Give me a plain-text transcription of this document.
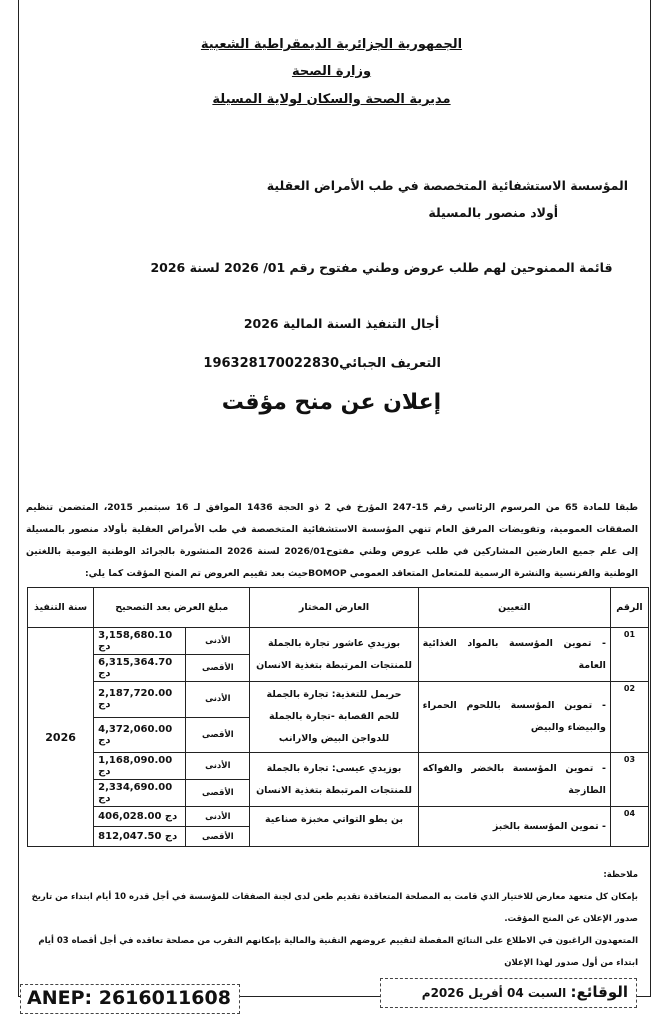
الجمهورية الجزائرية الديمقراطية الشعبية
وزارة الصحة
مديرية الصحة والسكان لولاية المسيلة
المؤسسة الاستشفائية المتخصصة في طب الأمراض العقلية
أولاد منصور بالمسيلة
قائمة الممنوحين لهم طلب عروض وطني مفتوح رقم 01/ 2026 لسنة 2026
أجال التنفيذ السنة المالية 2026
التعريف الجبائي196328170022830
إعلان عن منح مؤقت
طبقا للمادة 65 من المرسوم الرئاسي رقم 15-247 المؤرخ في 2 ذو الحجة 1436 الموافق لـ 16 سبتمبر 2015، المتضمن تنظيم الصفقات العمومية، وتفويضات المرفق العام تنهي المؤسسة الاستشفائية المتخصصة في طب الأمراض العقلية بأولاد منصور بالمسيلة إلى علم جميع العارضين المشاركين في طلب عروض وطني مفتوح2026/01 لسنة 2026 المنشورة بالجرائد الوطنية اليومية باللغتين الوطنية والفرنسية والنشرة الرسمية للمتعامل المتعاقد العمومي BOMOPحيث بعد تقييم العروض تم المنح المؤقت كما يلي:
الرقم	التعيين	العارض المختار	مبلغ العرض بعد التصحيح		سنة التنفيذ
01	- تموين المؤسسة بالمواد الغذائية العامة	بوزيدي عاشور تجارة بالجملة للمنتجات المرتبطة بتغذية الانسان	الأدنى	3,158,680.10 دج	2026
			الأقصى	6,315,364.70 دج	
02	- تموين المؤسسة باللحوم الحمراء والبيضاء والبيض	حريمل للتغذية: تجارة بالجملة للحم القصابة -تجارة بالجملة للدواجن البيض والارانب	الأدنى	2,187,720.00 دج	
			الأقصى	4,372,060.00 دج	
03	- تموين المؤسسة بالخضر والفواكه الطازجة	بوزيدي عيسى: تجارة بالجملة للمنتجات المرتبطة بتغذية الانسان	الأدنى	1,168,090.00 دج	
			الأقصى	2,334,690.00 دج	
04	- تموين المؤسسة بالخبز	بن يطو التواتي مخبزة صناعية	الأدنى	406,028.00 دج	
			الأقصى	812,047.50 دج	
ملاحظة:
بإمكان كل متعهد معارض للاختيار الذي قامت به المصلحة المتعاقدة تقديم طعن لدى لجنة الصفقات للمؤسسة في أجل قدره 10 أيام ابتداء من تاريخ صدور الإعلان عن المنح المؤقت.
المتعهدون الراغبون في الاطلاع على النتائج المفصلة لتقييم عروضهم التقنية والمالية بإمكانهم التقرب من مصلحة تعاقده في أجل أقصاه 03 أيام ابتداء من أول صدور لهذا الإعلان
ANEP: 2616011608	الوقائع: السبت 04 أفريل 2026م
